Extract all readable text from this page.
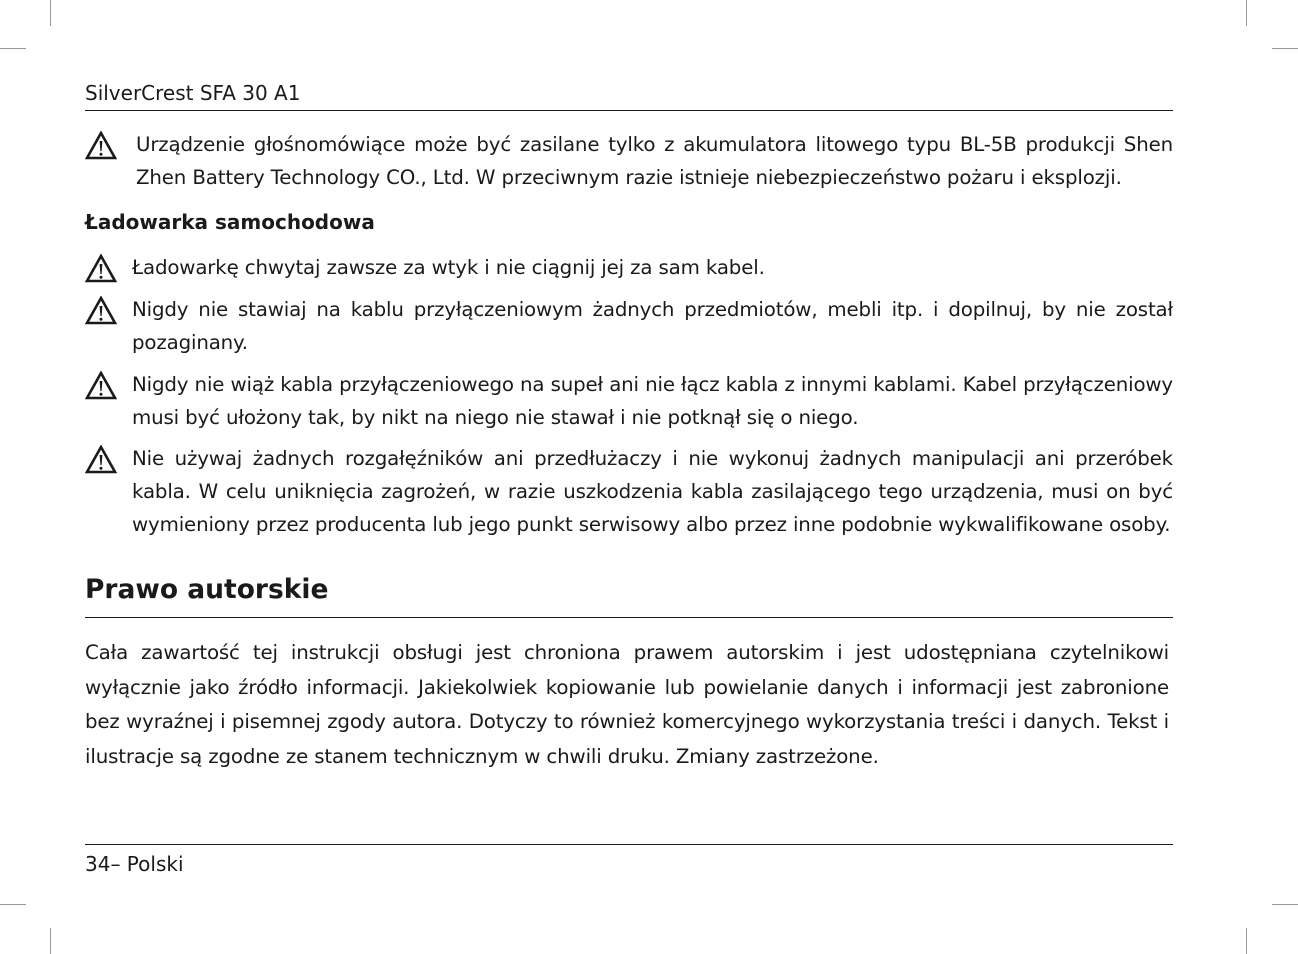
SilverCrest SFA 30 A1
Urządzenie głośnomówiące może być zasilane tylko z akumulatora litowego typu BL-5B produkcji Shen Zhen Battery Technology CO., Ltd. W przeciwnym razie istnieje niebezpieczeństwo pożaru i eksplozji.
Ładowarka samochodowa
Ładowarkę chwytaj zawsze za wtyk i nie ciągnij jej za sam kabel.
Nigdy nie stawiaj na kablu przyłączeniowym żadnych przedmiotów, mebli itp. i dopilnuj, by nie został pozaginany.
Nigdy nie wiąż kabla przyłączeniowego na supeł ani nie łącz kabla z innymi kablami. Kabel przyłączeniowy musi być ułożony tak, by nikt na niego nie stawał i nie potknął się o niego.
Nie używaj żadnych rozgałęźników ani przedłużaczy i nie wykonuj żadnych manipulacji ani przeróbek kabla. W celu uniknięcia zagrożeń, w razie uszkodzenia kabla zasilającego tego urządzenia, musi on być wymieniony przez producenta lub jego punkt serwisowy albo przez inne podobnie wykwalifikowane osoby.
Prawo autorskie
Cała zawartość tej instrukcji obsługi jest chroniona prawem autorskim i jest udostępniana czytelnikowi wyłącznie jako źródło informacji. Jakiekolwiek kopiowanie lub powielanie danych i informacji jest zabronione bez wyraźnej i pisemnej zgody autora. Dotyczy to również komercyjnego wykorzystania treści i danych. Tekst i ilustracje są zgodne ze stanem technicznym w chwili druku. Zmiany zastrzeżone.
34– Polski
